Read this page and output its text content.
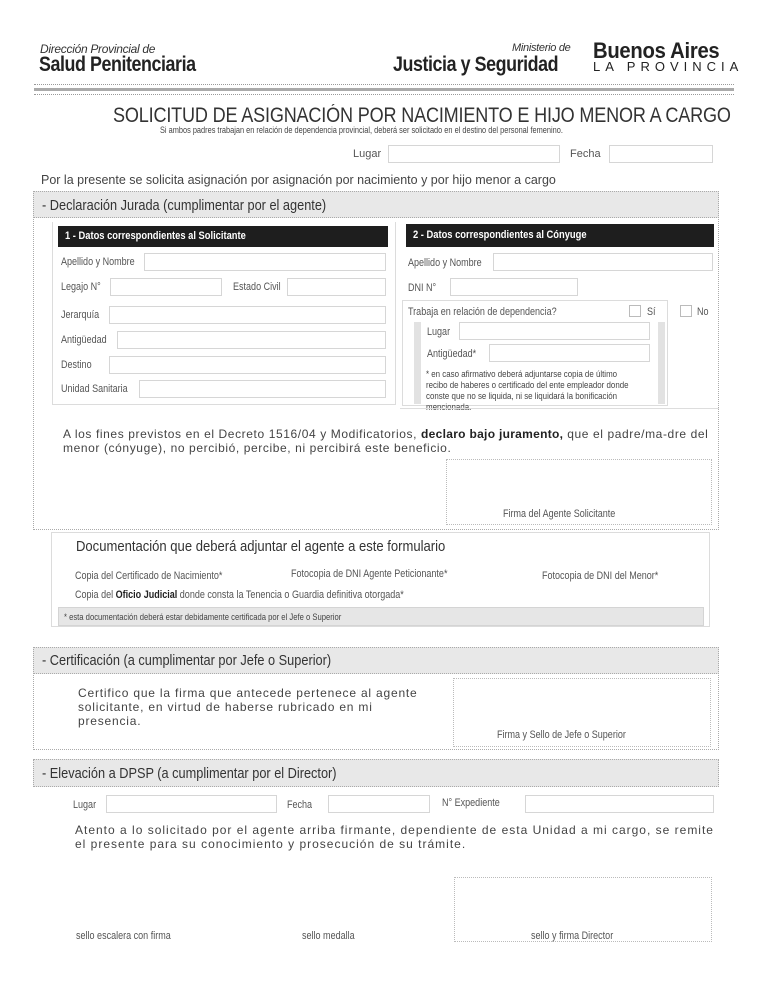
Dirección Provincial de
Salud Penitenciaria
Ministerio de
Justicia y Seguridad
Buenos Aires
LA PROVINCIA
SOLICITUD DE ASIGNACIÓN POR NACIMIENTO E HIJO MENOR A CARGO
Si ambos padres trabajan en relación de dependencia provincial, deberá ser solicitado en el destino del personal femenino.
Lugar	Fecha
Por la presente se solicita asignación por asignación por nacimiento y por hijo menor a cargo
- Declaración Jurada (cumplimentar por el agente)
1 - Datos correspondientes al Solicitante
Apellido y Nombre
Legajo N°	Estado Civil
Jerarquía
Antigüedad
Destino
Unidad Sanitaria
2 - Datos correspondientes al Cónyuge
Apellido y Nombre
DNI N°
Trabaja en relación de dependencia?	Sí	No
Lugar
Antigüedad*
* en caso afirmativo deberá adjuntarse copia de último recibo de haberes o certificado del ente empleador donde conste que no se liquida, ni se liquidará la bonificación mencionada.
A los fines previstos en el Decreto 1516/04 y Modificatorios, declaro bajo juramento, que el padre/ma-dre del menor (cónyuge), no percibió, percibe, ni percibirá este beneficio.
Firma del Agente Solicitante
Documentación que deberá adjuntar el agente a este formulario
Copia del Certificado de Nacimiento*	Fotocopia de DNI Agente Peticionante*	Fotocopia de DNI del Menor*
Copia del Oficio Judicial donde consta la Tenencia o Guardia definitiva otorgada*
* esta documentación deberá estar debidamente certificada por el Jefe o Superior
- Certificación (a cumplimentar por Jefe o Superior)
Certifico que la firma que antecede pertenece al agente solicitante, en virtud de haberse rubricado en mi presencia.
Firma y Sello de Jefe o Superior
- Elevación a DPSP (a cumplimentar por el Director)
Lugar	Fecha	N° Expediente
Atento a lo solicitado por el agente arriba firmante, dependiente de esta Unidad a mi cargo, se remite el presente para su conocimiento y prosecución de su trámite.
sello escalera con firma	sello medalla	sello y firma Director
